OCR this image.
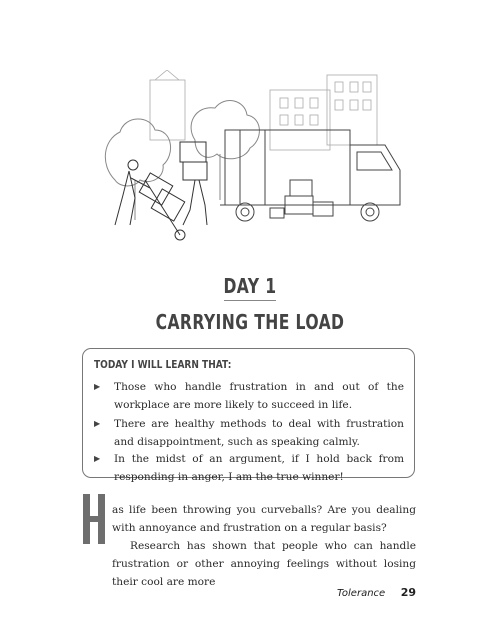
DAY 1
CARRYING THE LOAD
TODAY I WILL LEARN THAT:
▶ Those who handle frustration in and out of the workplace are more likely to succeed in life.
▶ There are healthy methods to deal with frustration and disappointment, such as speaking calmly.
▶ In the midst of an argument, if I hold back from responding in anger, I am the true winner!

as life been throwing you curveballs? Are you dealing with annoyance and frustration on a regular basis?

Research has shown that people who can handle frustration or other annoying feelings without losing their cool are more

Tolerance 29
